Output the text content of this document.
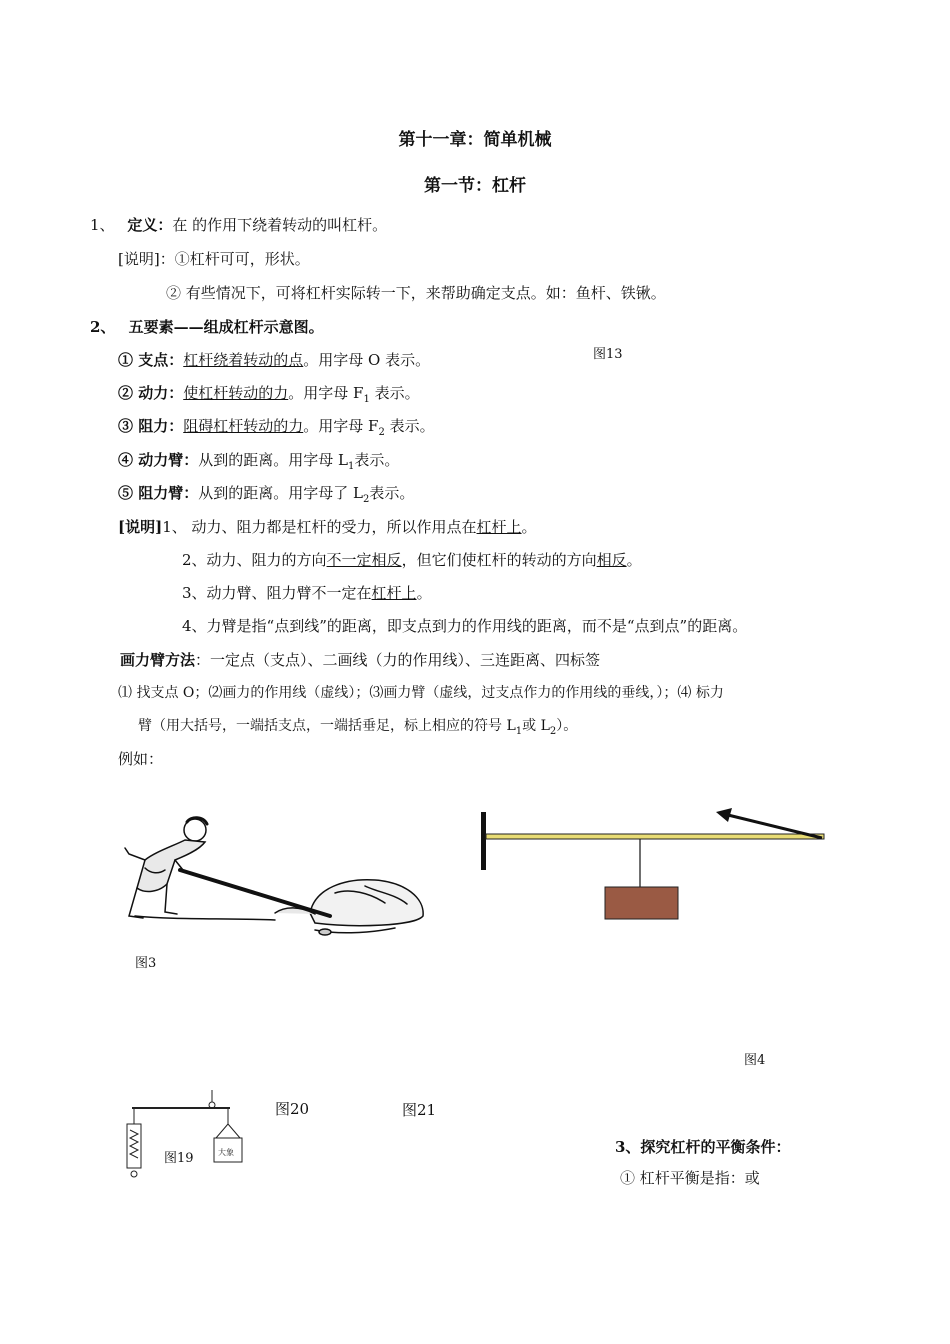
第十一章：简单机械
第一节：杠杆
1、 定义：在 的作用下绕着转动的叫杠杆。
[说明]：①杠杆可可，形状。
② 有些情况下，可将杠杆实际转一下，来帮助确定支点。如：鱼杆、铁锹。
2、 五要素——组成杠杆示意图。
① 支点：杠杆绕着转动的点。用字母 O 表示。	图13
② 动力：使杠杆转动的力。用字母 $F_1$ 表示。
③ 阻力：阻碍杠杆转动的力。用字母 $F_2$ 表示。
④ 动力臂：从到的距离。用字母 $L_1$表示。
⑤ 阻力臂：从到的距离。用字母了 $L_2$表示。
[说明]1、 动力、阻力都是杠杆的受力，所以作用点在杠杆上。
2、动力、阻力的方向不一定相反，但它们使杠杆的转动的方向相反。
3、动力臂、阻力臂不一定在杠杆上。
4、力臂是指“点到线”的距离，即支点到力的作用线的距离，而不是“点到点”的距离。
画力臂方法：一定点（支点）、二画线（力的作用线）、三连距离、四标签
⑴ 找支点 O；⑵画力的作用线（虚线）；⑶画力臂（虚线，过支点作力的作用线的垂线，）；⑷ 标力
臂（用大括号，一端括支点，一端括垂足，标上相应的符号 $L_1$或 $L_2$）。
例如：
图3
图4
大象
图19
图20	图21
3、探究杠杆的平衡条件：
① 杠杆平衡是指：或
